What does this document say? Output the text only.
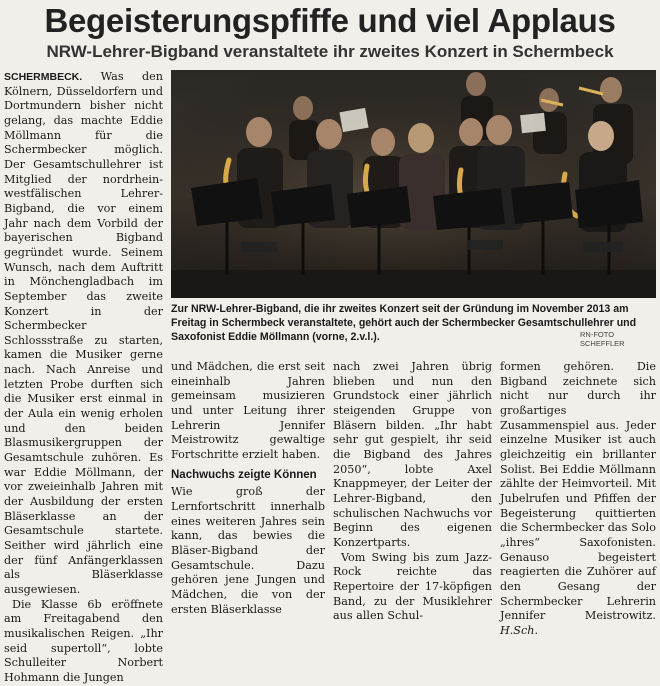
Begeisterungspfiffe und viel Applaus
NRW-Lehrer-Bigband veranstaltete ihr zweites Konzert in Schermbeck

SCHERMBECK. Was den Kölnern, Düsseldorfern und Dortmundern bisher nicht gelang, das machte Eddie Möllmann für die Schermbecker möglich. Der Gesamtschullehrer ist Mitglied der nordrhein-westfälischen Lehrer-Bigband, die vor einem Jahr nach dem Vorbild der bayerischen Bigband gegründet wurde. Seinem Wunsch, nach dem Auftritt in Mönchengladbach im September das zweite Konzert in der Schermbecker Schlossstraße zu starten, kamen die Musiker gerne nach. Nach Anreise und letzten Probe durften sich die Musiker erst einmal in der Aula ein wenig erholen und den beiden Blasmusikergruppen der Gesamtschule zuhören. Es war Eddie Möllmann, der vor zweieinhalb Jahren mit der Ausbildung der ersten Bläserklasse an der Gesamtschule startete. Seither wird jährlich eine der fünf Anfängerklassen als Bläserklasse ausgewiesen.

Die Klasse 6b eröffnete am Freitagabend den musikalischen Reigen. „Ihr seid supertoll“, lobte Schulleiter Norbert Hohmann die Jungen

Zur NRW-Lehrer-Bigband, die ihr zweites Konzert seit der Gründung im November 2013 am Freitag in Schermbeck veranstaltete, gehört auch der Schermbecker Gesamtschullehrer und Saxofonist Eddie Möllmann (vorne, 2.v.l.).	RN-FOTO SCHEFFLER

und Mädchen, die erst seit eineinhalb Jahren gemeinsam musizieren und unter Leitung ihrer Lehrerin Jennifer Meistrowitz gewaltige Fortschritte erzielt haben.

Nachwuchs zeigte Können

Wie groß der Lernfortschritt innerhalb eines weiteren Jahres sein kann, das bewies die Bläser-Bigband der Gesamtschule. Dazu gehören jene Jungen und Mädchen, die von der ersten Bläserklasse

nach zwei Jahren übrig blieben und nun den Grundstock einer jährlich steigenden Gruppe von Bläsern bilden. „Ihr habt sehr gut gespielt, ihr seid die Bigband des Jahres 2050“, lobte Axel Knappmeyer, der Leiter der Lehrer-Bigband, den schulischen Nachwuchs vor Beginn des eigenen Konzertparts.

Vom Swing bis zum Jazz-Rock reichte das Repertoire der 17-köpfigen Band, zu der Musiklehrer aus allen Schul-

formen gehören. Die Bigband zeichnete sich nicht nur durch ihr großartiges Zusammenspiel aus. Jeder einzelne Musiker ist auch gleichzeitig ein brillanter Solist. Bei Eddie Möllmann zählte der Heimvorteil. Mit Jubelrufen und Pfiffen der Begeisterung quittierten die Schermbecker das Solo „ihres“ Saxofonisten. Genauso begeistert reagierten die Zuhörer auf den Gesang der Schermbecker Lehrerin Jennifer Meistrowitz. H.Sch.
